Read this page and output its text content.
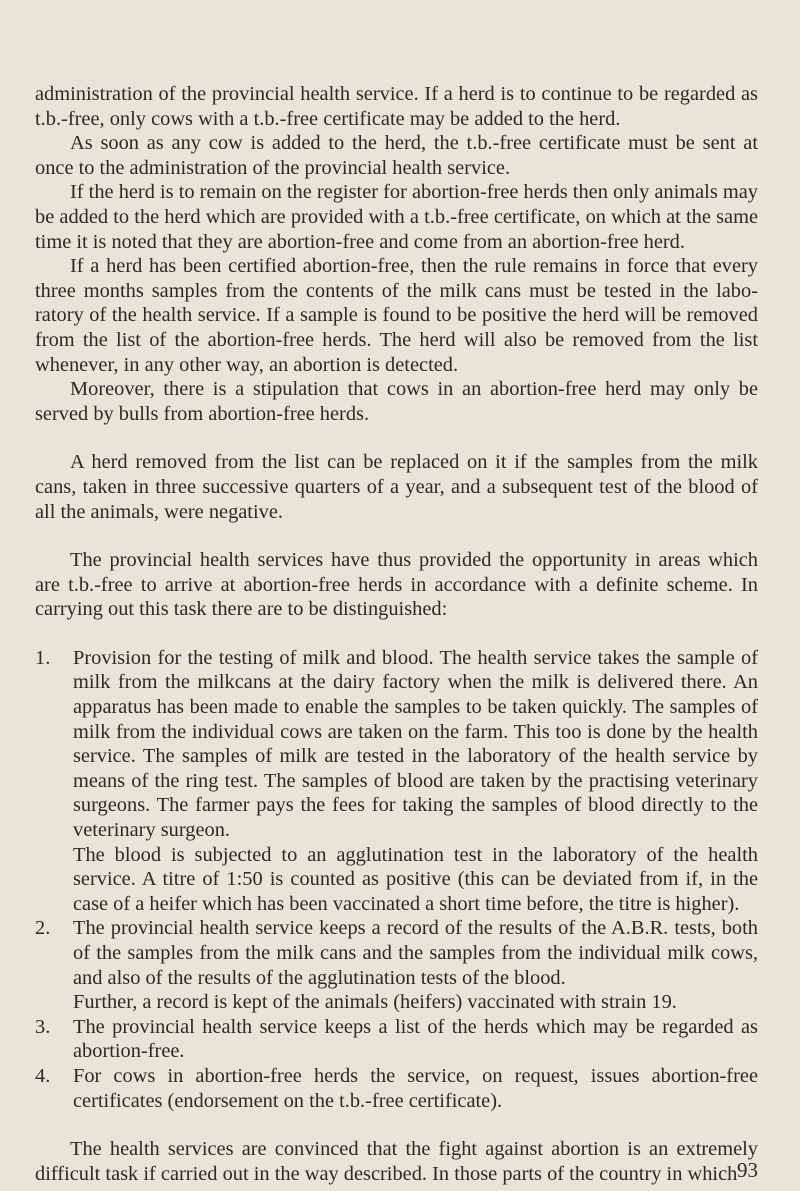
administration of the provincial health service. If a herd is to continue to be regarded as t.b.-free, only cows with a t.b.-free certificate may be added to the herd.

As soon as any cow is added to the herd, the t.b.-free certificate must be sent at once to the administration of the provincial health service.

If the herd is to remain on the register for abortion-free herds then only animals may be added to the herd which are provided with a t.b.-free certificate, on which at the same time it is noted that they are abortion-free and come from an abortion-free herd.

If a herd has been certified abortion-free, then the rule remains in force that every three months samples from the contents of the milk cans must be tested in the labo-ratory of the health service. If a sample is found to be positive the herd will be removed from the list of the abortion-free herds. The herd will also be removed from the list whenever, in any other way, an abortion is detected.

Moreover, there is a stipulation that cows in an abortion-free herd may only be served by bulls from abortion-free herds.

A herd removed from the list can be replaced on it if the samples from the milk cans, taken in three successive quarters of a year, and a subsequent test of the blood of all the animals, were negative.

The provincial health services have thus provided the opportunity in areas which are t.b.-free to arrive at abortion-free herds in accordance with a definite scheme. In carrying out this task there are to be distinguished:

1. Provision for the testing of milk and blood. The health service takes the sample of milk from the milkcans at the dairy factory when the milk is delivered there. An apparatus has been made to enable the samples to be taken quickly. The samples of milk from the individual cows are taken on the farm. This too is done by the health service. The samples of milk are tested in the laboratory of the health service by means of the ring test. The samples of blood are taken by the practising veterinary surgeons. The farmer pays the fees for taking the samples of blood directly to the veterinary surgeon.
The blood is subjected to an agglutination test in the laboratory of the health service. A titre of 1:50 is counted as positive (this can be deviated from if, in the case of a heifer which has been vaccinated a short time before, the titre is higher).
2. The provincial health service keeps a record of the results of the A.B.R. tests, both of the samples from the milk cans and the samples from the individual milk cows, and also of the results of the agglutination tests of the blood.
Further, a record is kept of the animals (heifers) vaccinated with strain 19.
3. The provincial health service keeps a list of the herds which may be regarded as abortion-free.
4. For cows in abortion-free herds the service, on request, issues abortion-free certificates (endorsement on the t.b.-free certificate).

The health services are convinced that the fight against abortion is an extremely difficult task if carried out in the way described. In those parts of the country in which 93
